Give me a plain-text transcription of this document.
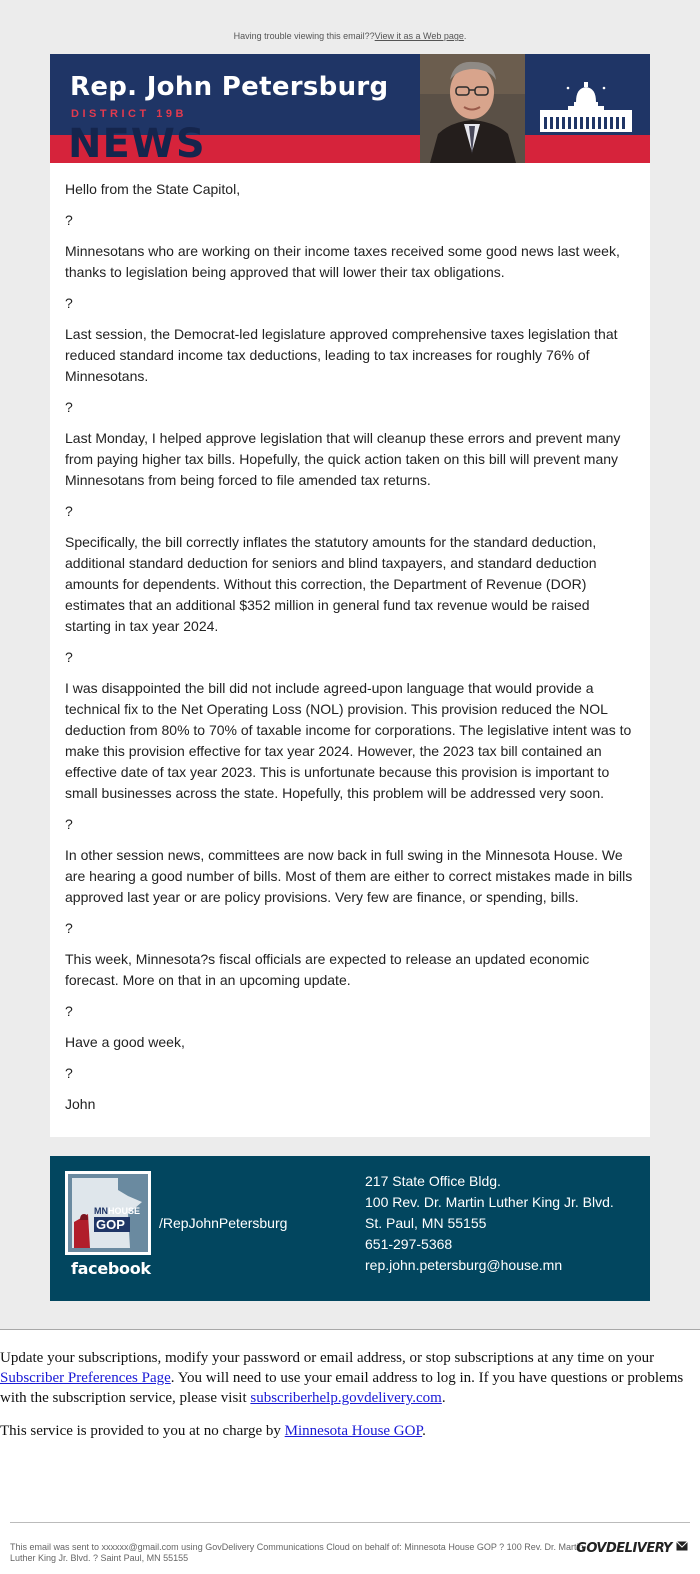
Having trouble viewing this email??View it as a Web page.
Rep. John Petersburg
DISTRICT 19B
NEWS

Hello from the State Capitol,

?

Minnesotans who are working on their income taxes received some good news last week, thanks to legislation being approved that will lower their tax obligations.

?

Last session, the Democrat-led legislature approved comprehensive taxes legislation that reduced standard income tax deductions, leading to tax increases for roughly 76% of Minnesotans.

?

Last Monday, I helped approve legislation that will cleanup these errors and prevent many from paying higher tax bills. Hopefully, the quick action taken on this bill will prevent many Minnesotans from being forced to file amended tax returns.

?

Specifically, the bill correctly inflates the statutory amounts for the standard deduction, additional standard deduction for seniors and blind taxpayers, and standard deduction amounts for dependents. Without this correction, the Department of Revenue (DOR) estimates that an additional $352 million in general fund tax revenue would be raised starting in tax year 2024.

?

I was disappointed the bill did not include agreed-upon language that would provide a technical fix to the Net Operating Loss (NOL) provision. This provision reduced the NOL deduction from 80% to 70% of taxable income for corporations. The legislative intent was to make this provision effective for tax year 2024. However, the 2023 tax bill contained an effective date of tax year 2023. This is unfortunate because this provision is important to small businesses across the state. Hopefully, this problem will be addressed very soon.

?

In other session news, committees are now back in full swing in the Minnesota House. We are hearing a good number of bills. Most of them are either to correct mistakes made in bills approved last year or are policy provisions. Very few are finance, or spending, bills.

?

This week, Minnesota?s fiscal officials are expected to release an updated economic forecast. More on that in an upcoming update.

?

Have a good week,

?

John

MN HOUSE
GOP
facebook
/RepJohnPetersburg
217 State Office Bldg.
100 Rev. Dr. Martin Luther King Jr. Blvd.
St. Paul, MN 55155
651-297-5368
rep.john.petersburg@house.mn

Update your subscriptions, modify your password or email address, or stop subscriptions at any time on your Subscriber Preferences Page. You will need to use your email address to log in. If you have questions or problems with the subscription service, please visit subscriberhelp.govdelivery.com.

This service is provided to you at no charge by Minnesota House GOP.

This email was sent to xxxxxx@gmail.com using GovDelivery Communications Cloud on behalf of: Minnesota House GOP ? 100 Rev. Dr. Martin Luther King Jr. Blvd. ? Saint Paul, MN 55155
GOVDELIVERY
